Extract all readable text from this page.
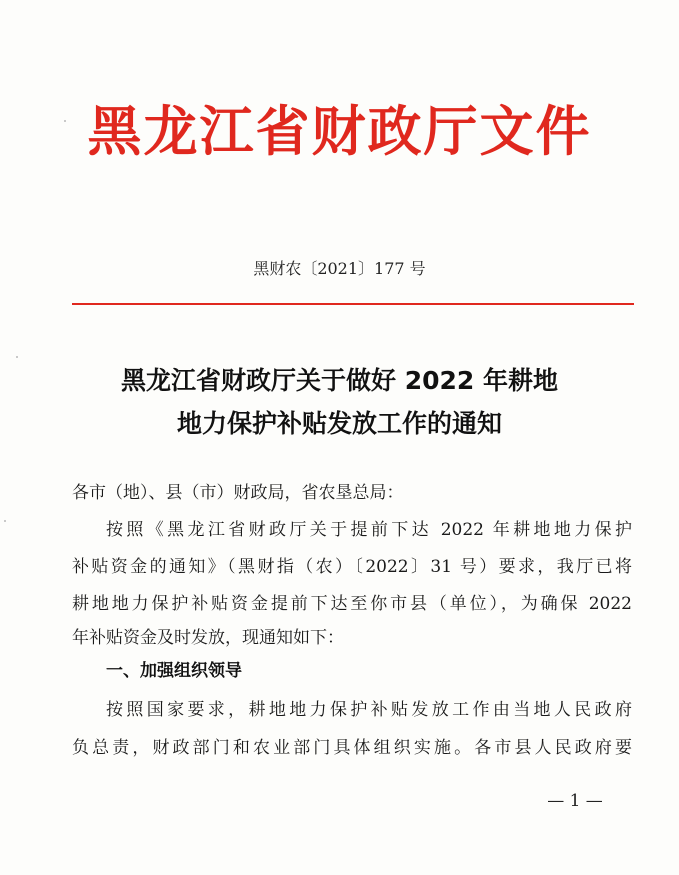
黑龙江省财政厅文件
黑财农〔2021〕177 号
黑龙江省财政厅关于做好 2022 年耕地
地力保护补贴发放工作的通知
各市（地）、县（市）财政局，省农垦总局：
按照《黑龙江省财政厅关于提前下达 2022 年耕地地力保护
补贴资金的通知》（黑财指（农）〔2022〕31 号）要求，我厅已将
耕地地力保护补贴资金提前下达至你市县（单位），为确保 2022
年补贴资金及时发放，现通知如下：
一、加强组织领导
按照国家要求，耕地地力保护补贴发放工作由当地人民政府
负总责，财政部门和农业部门具体组织实施。各市县人民政府要
— 1 —
